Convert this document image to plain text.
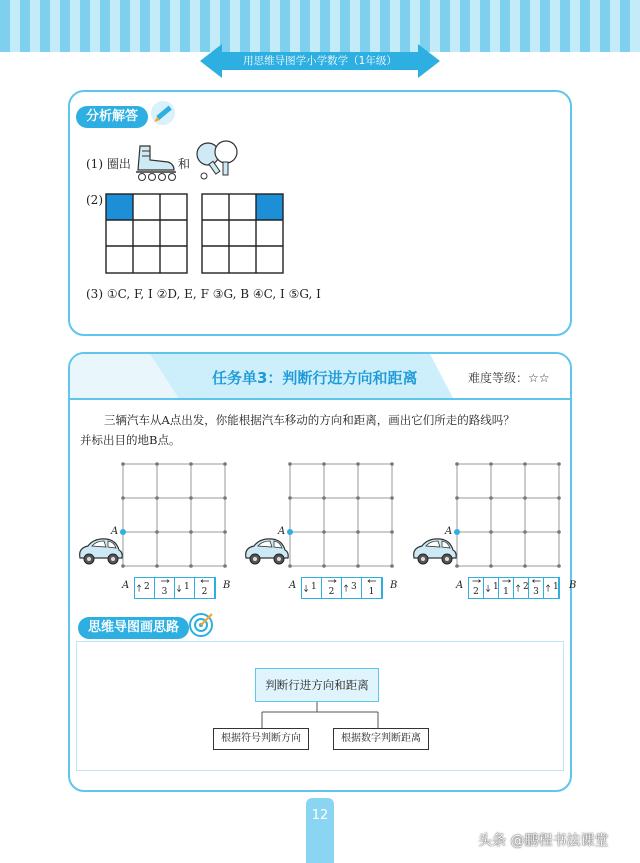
用思维导图学小学数学（1年级）
分析解答
(1) 圈出	和
(2)
(3) ①C, F, I ②D, E, F ③G, B ④C, I ⑤G, I
任务单3：判断行进方向和距离	难度等级：☆☆
三辆汽车从A点出发，你能根据汽车移动的方向和距离，画出它们所走的路线吗？
并标出目的地B点。
A
A 2	3	1	2
B
A
A 1	2	3	1
B
A
A
2	1 1	2 3	1 B
思维导图画思路
判断行进方向和距离
根据符号判断方向	根据数字判断距离
12
头条 @鹏程书法课堂
